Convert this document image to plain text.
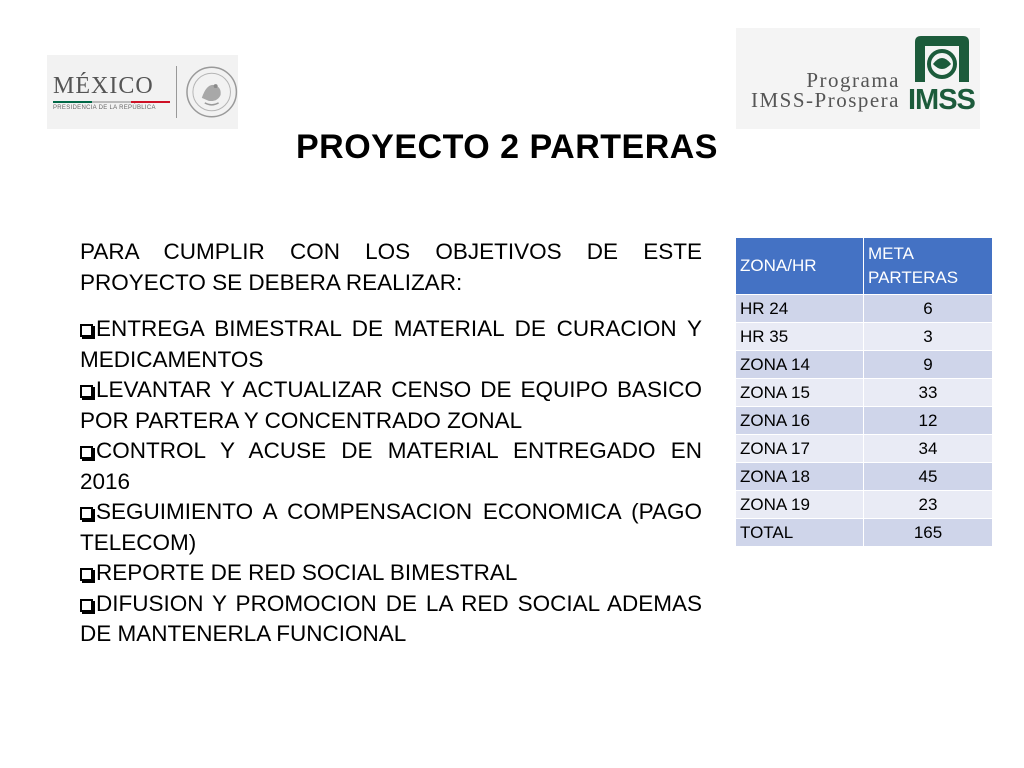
MÉXICO
PRESIDENCIA DE LA REPÚBLICA
Programa
IMSS-Prospera IMSS
PROYECTO 2 PARTERAS
PARA CUMPLIR CON LOS OBJETIVOS DE ESTE PROYECTO SE DEBERA REALIZAR:
ENTREGA BIMESTRAL DE MATERIAL DE CURACION Y MEDICAMENTOS
LEVANTAR Y ACTUALIZAR CENSO DE EQUIPO BASICO POR PARTERA Y CONCENTRADO ZONAL
CONTROL Y ACUSE DE MATERIAL ENTREGADO EN 2016
SEGUIMIENTO A COMPENSACION ECONOMICA (PAGO TELECOM)
REPORTE DE RED SOCIAL BIMESTRAL
DIFUSION Y PROMOCION DE LA RED SOCIAL ADEMAS DE MANTENERLA FUNCIONAL
ZONA/HR	META PARTERAS
HR 24	6
HR 35	3
ZONA 14	9
ZONA 15	33
ZONA 16	12
ZONA 17	34
ZONA 18	45
ZONA 19	23
TOTAL	165
